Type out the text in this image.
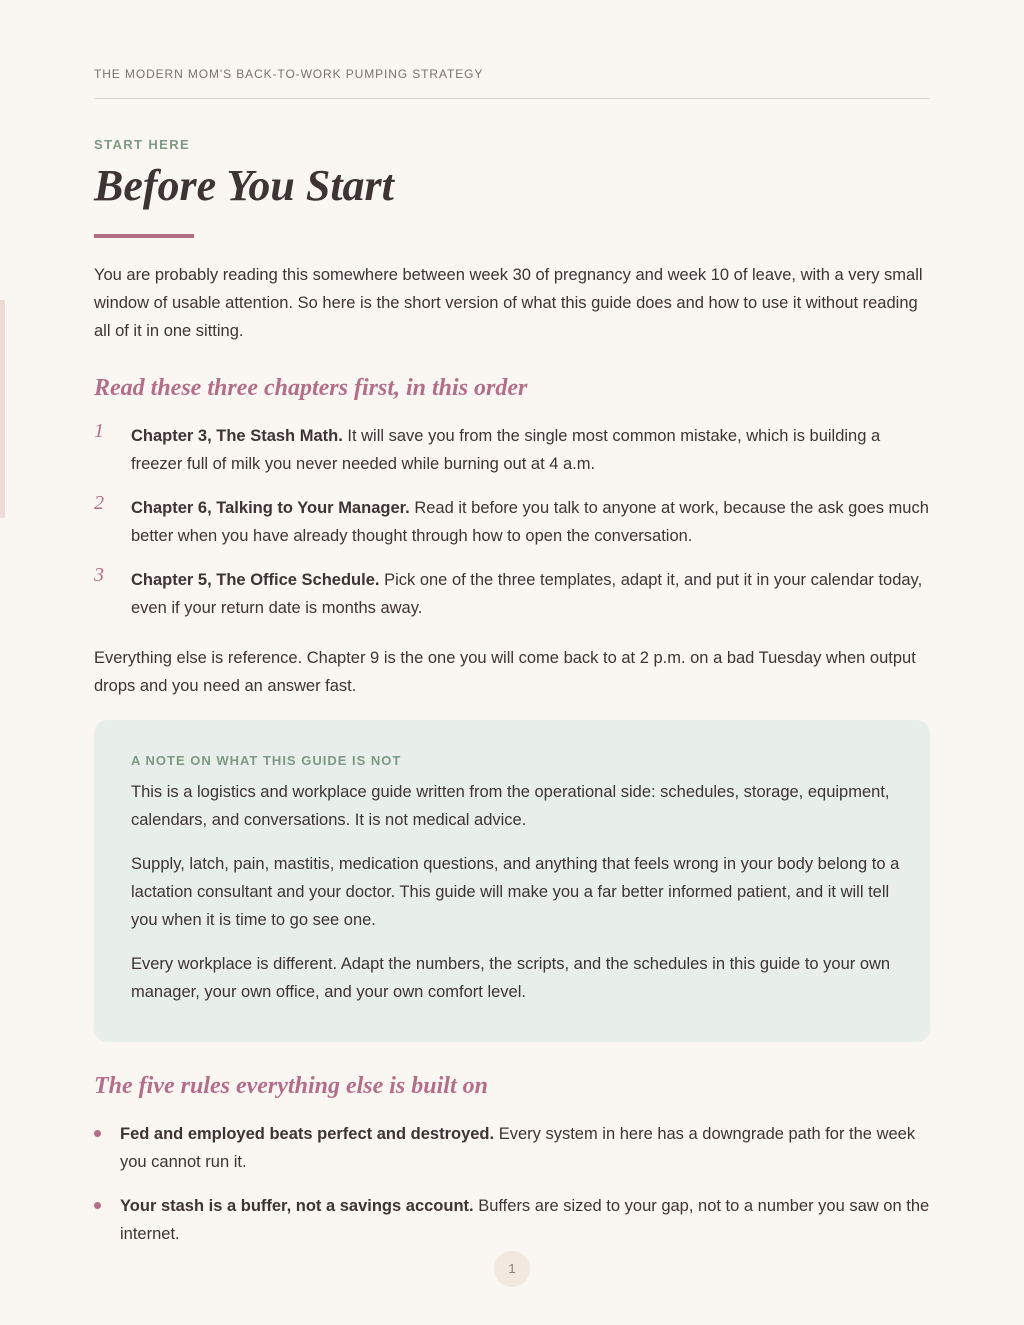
THE MODERN MOM'S BACK-TO-WORK PUMPING STRATEGY
START HERE
Before You Start

You are probably reading this somewhere between week 30 of pregnancy and week 10 of leave, with a very small window of usable attention. So here is the short version of what this guide does and how to use it without reading all of it in one sitting.

Read these three chapters first, in this order
1 Chapter 3, The Stash Math. It will save you from the single most common mistake, which is building a freezer full of milk you never needed while burning out at 4 a.m.

2 Chapter 6, Talking to Your Manager. Read it before you talk to anyone at work, because the ask goes much better when you have already thought through how to open the conversation.

3 Chapter 5, The Office Schedule. Pick one of the three templates, adapt it, and put it in your calendar today, even if your return date is months away.

Everything else is reference. Chapter 9 is the one you will come back to at 2 p.m. on a bad Tuesday when output drops and you need an answer fast.

A NOTE ON WHAT THIS GUIDE IS NOT

This is a logistics and workplace guide written from the operational side: schedules, storage, equipment, calendars, and conversations. It is not medical advice.

Supply, latch, pain, mastitis, medication questions, and anything that feels wrong in your body belong to a lactation consultant and your doctor. This guide will make you a far better informed patient, and it will tell you when it is time to go see one.

Every workplace is different. Adapt the numbers, the scripts, and the schedules in this guide to your own manager, your own office, and your own comfort level.

The five rules everything else is built on

Fed and employed beats perfect and destroyed. Every system in here has a downgrade path for the week you cannot run it.

Your stash is a buffer, not a savings account. Buffers are sized to your gap, not to a number you saw on the internet.

1
